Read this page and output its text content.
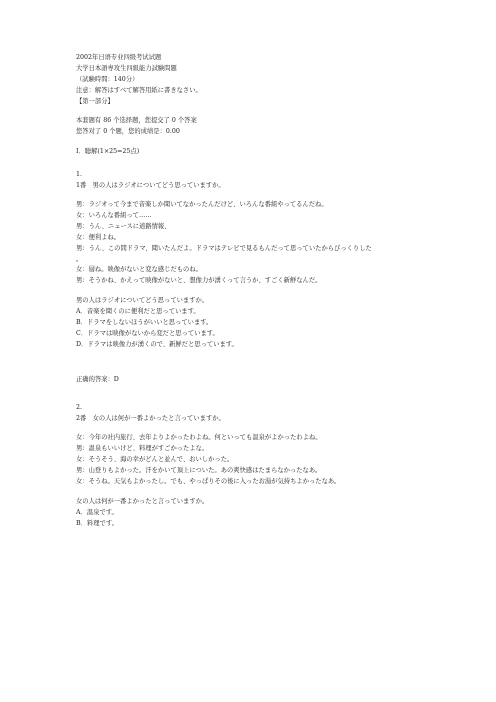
2002年日语专业四级考试试题
大学日本語専攻生四級能力試験問題
（試験時間：140分）
注意：解答はすべて解答用紙に書きなさい。
【第一部分】
本套题有 86 个选择题，您提交了 0 个答案
您答对了 0 个题，您的成绩是：0.00
Ⅰ．聴解(1×25=25点)
1.
1番　男の人はラジオについてどう思っていますか。
男：ラジオって今まで音楽しか聞いてなかったんだけど、いろんな番組やってるんだね。
女：いろんな番組って……
男：うん、ニュースに道路情報、
女：便利よね。
男：うん、この間ドラマ、聞いたんだよ。ドラマはテレビで見るもんだって思っていたからびっくりした
。
女：層ね。映像がないと変な感じだものね。
男：そうかね、かえって映像がないと、想像力が湧くって言うか、すごく新鮮なんだ。
男の人はラジオについてどう思っていますか。
A．音楽を聞くのに便利だと思っています。
B．ドラマをしないほうがいいと思っています。
C．ドラマは映像がないから変だと思っています。
D．ドラマは映像力が湧くので、新鮮だと思っています。
正确的答案：D
2.
2番　女の人は何が一番よかったと言っていますか。
女：今年の社内旅行、去年よりよかったわよね。何といっても温泉がよかったわよね。
男：温泉もいいけど、料理がすごかったよな。
女：そうそう、海の幸がどんと並んで、おいしかった。
男：山登りもよかった。汗をかいて頂上についた。あの爽快感はたまらなかったなあ。
女：そうね。天気もよかったし。でも、やっぱりその後に入ったお湯が気持ちよかったなあ。
女の人は何が一番よかったと言っていますか。
A．温泉です。
B．料理です。
